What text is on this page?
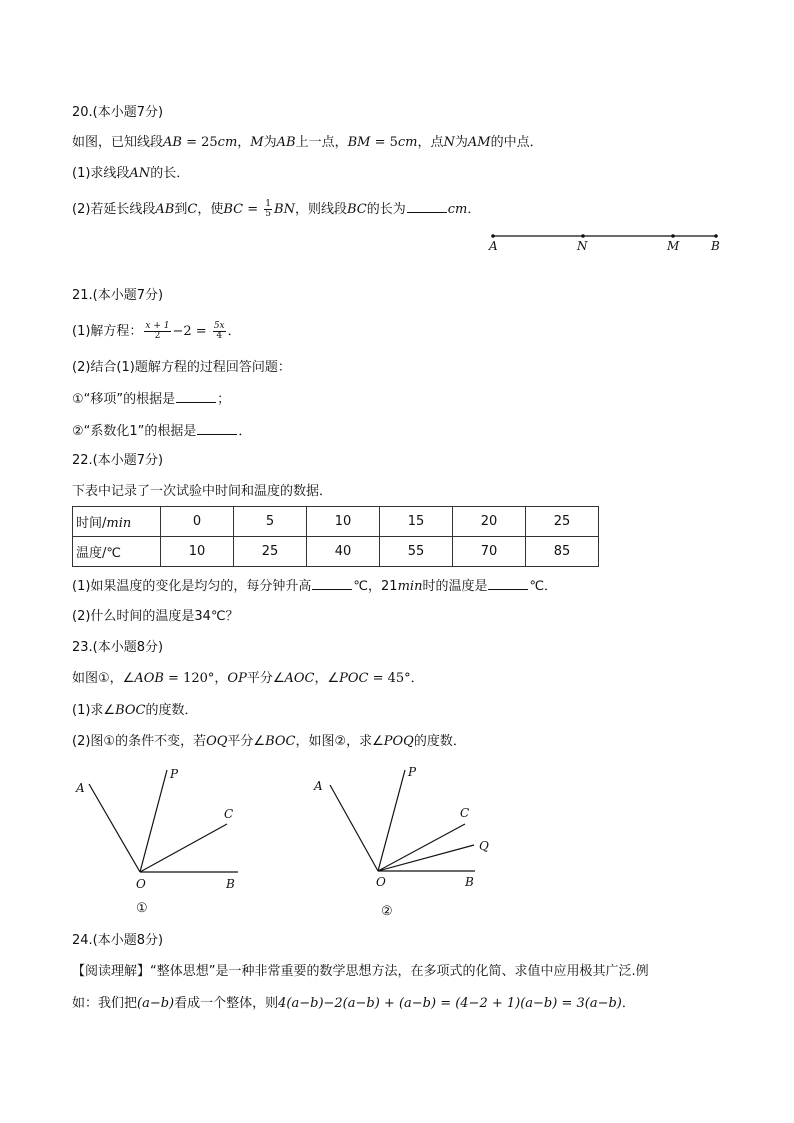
20.(本小题7分)
如图，已知线段AB = 25cm，M为AB上一点，BM = 5cm，点N为AM的中点．
(1)求线段AN的长．
(2)若延长线段AB到C，使BC = $\frac{1}{5}$ BN，则线段BC的长为	cm．
A	N	M	B
21.(本小题7分)
(1)解方程： $\frac{x + 1}{2} -2 = \frac{5x}{4}$ ．
(2)结合(1)题解方程的过程回答问题：
①“移项”的根据是	；
②“系数化1”的根据是	．
22.(本小题7分)
下表中记录了一次试验中时间和温度的数据．
时间/min	0	5	10	15	20	25
温度/℃	10	25	40	55	70	85
(1)如果温度的变化是均匀的，每分钟升高	℃，21min时的温度是	℃．
(2)什么时间的温度是34℃？
23.(本小题8分)
如图①，∠AOB = 120°，OP平分∠AOC，∠POC = 45°．
(1)求∠BOC的度数．
(2)图①的条件不变，若OQ平分∠BOC，如图②，求∠POQ的度数．
A
P
C
O	B
①
A
P
C
Q
O	B
②
24.(本小题8分)
【阅读理解】“整体思想”是一种非常重要的数学思想方法，在多项式的化简、求值中应用极其广泛.例
如：我们把(a−b)看成一个整体，则4(a−b)−2(a−b) + (a−b) = (4−2 + 1)(a−b) = 3(a−b)．
